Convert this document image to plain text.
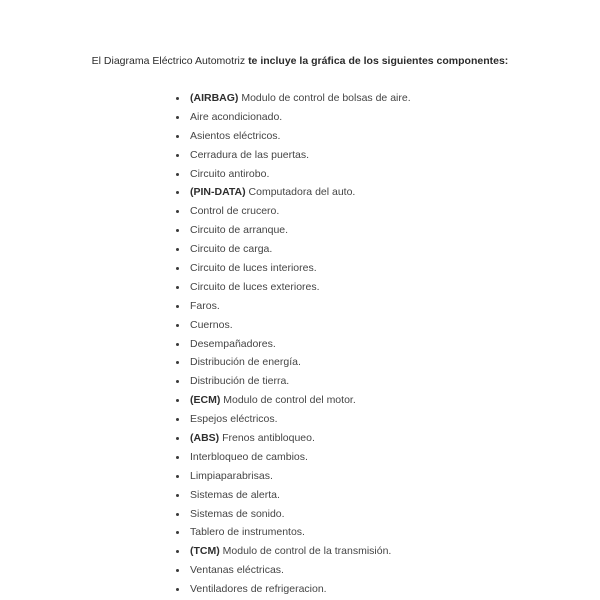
El Diagrama Eléctrico Automotriz te incluye la gráfica de los siguientes componentes:

(AIRBAG) Modulo de control de bolsas de aire.
Aire acondicionado.
Asientos eléctricos.
Cerradura de las puertas.
Circuito antirobo.
(PIN-DATA) Computadora del auto.
Control de crucero.
Circuito de arranque.
Circuito de carga.
Circuito de luces interiores.
Circuito de luces exteriores.
Faros.
Cuernos.
Desempañadores.
Distribución de energía.
Distribución de tierra.
(ECM) Modulo de control del motor.
Espejos eléctricos.
(ABS) Frenos antibloqueo.
Interbloqueo de cambios.
Limpiaparabrisas.
Sistemas de alerta.
Sistemas de sonido.
Tablero de instrumentos.
(TCM) Modulo de control de la transmisión.
Ventanas eléctricas.
Ventiladores de refrigeracion.
